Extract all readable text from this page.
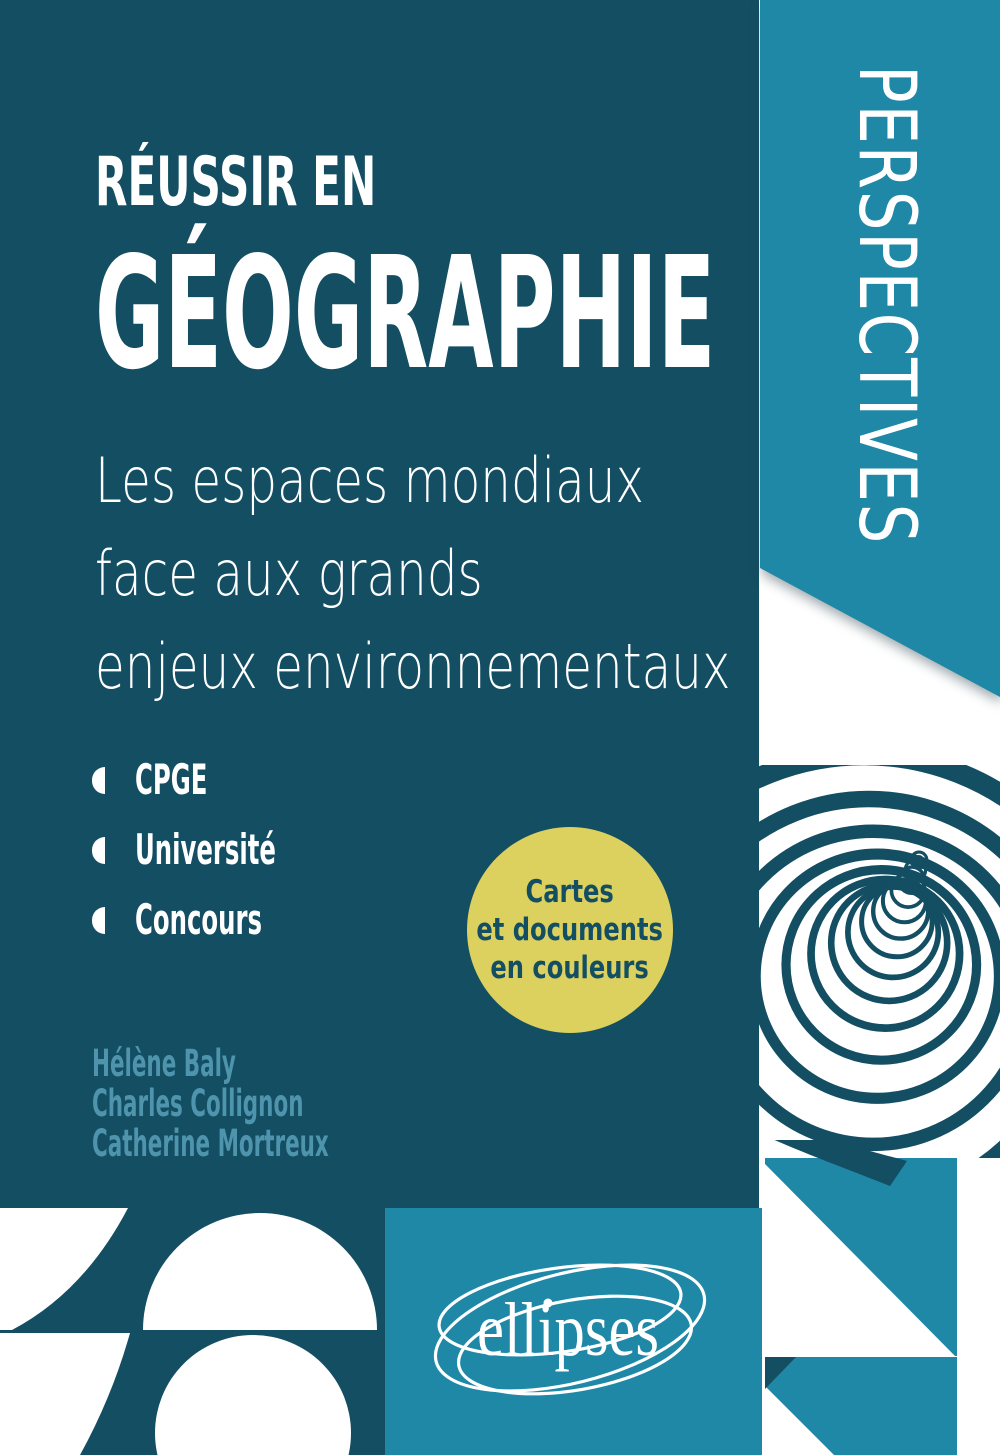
ellipses
PERSPECTIVES
RÉUSSIR EN
GÉOGRAPHIE
Les espaces mondiaux
face aux grands
enjeux environnementaux
CPGE
Université
Concours
Cartes
et documents
en couleurs
Hélène Baly
Charles Collignon
Catherine Mortreux
